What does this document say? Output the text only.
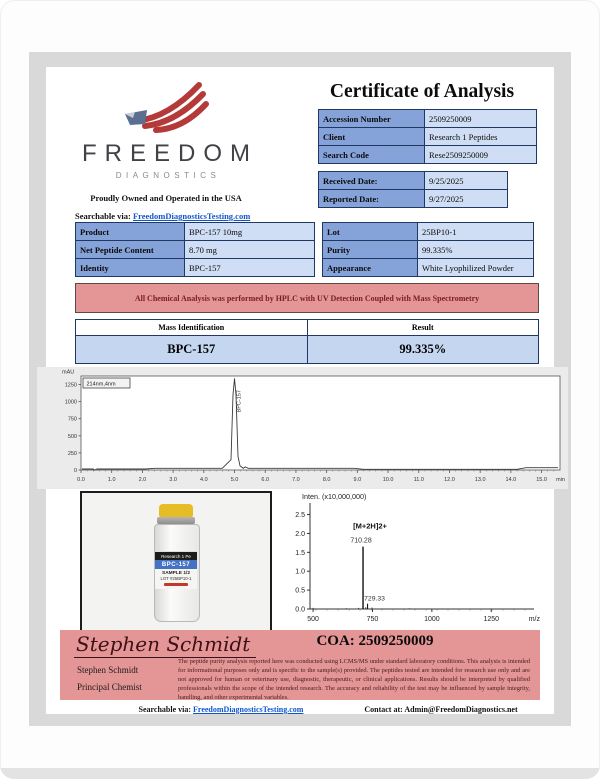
FREEDOM
DIAGNOSTICS
Proudly Owned and Operated in the USA
Searchable via: FreedomDiagnosticsTesting.com
Certificate of Analysis
Accession Number	2509250009
Client	Research 1 Peptides
Search Code	Rese2509250009
Received Date:	9/25/2025
Reported Date:	9/27/2025
Product	BPC-157 10mg
Net Peptide Content	8.70 mg
Identity	BPC-157
Lot	25BP10-1
Purity	99.335%
Appearance	White Lyophilized Powder
All Chemical Analysis was performed by HPLC with UV Detection Coupled with Mass Spectrometry
Mass Identification	Result
BPC-157	99.335%
mAU
0
250
500
750
1000
1250
0.0	1.0	2.0	3.0	4.0	5.0	6.0	7.0	8.0	9.0	10.0	11.0	12.0	13.0	14.0	15.0 min
214nm,4nm
BPC-157
Research 1 Pe
BPC-157
SAMPLE 1/2
LOT #25BP10-1
Inten. (x10,000,000)
0.0
0.5
1.0
1.5
2.0
2.5
500	750	1000	1250	m/z
710.28
[M+2H]2+
729.33
Stephen Schmidt
Stephen Schmidt
Principal Chemist
COA: 2509250009
The peptide purity analysis reported here was conducted using LCMS/MS under standard laboratory conditions. This analysis is intended for informational purposes only and is specific to the sample(s) provided. The peptides tested are intended for research use only and are not approved for human or veterinary use, diagnostic, therapeutic, or clinical applications. Results should be interpreted by qualified professionals within the scope of the intended research. The accuracy and reliability of the test may be influenced by sample integrity, handling, and other experimental variables.
Searchable via: FreedomDiagnosticsTesting.com	Contact at: Admin@FreedomDiagnostics.net
